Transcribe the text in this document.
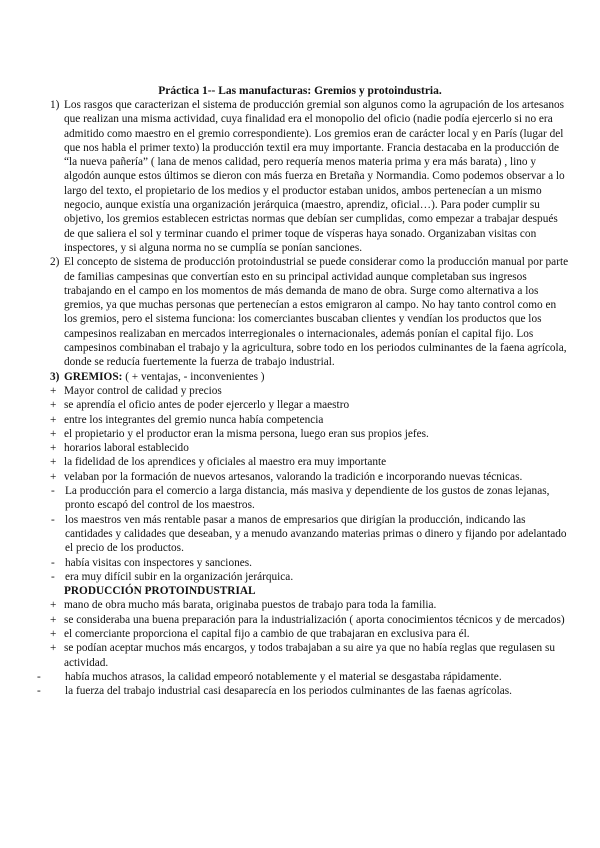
Práctica 1-- Las manufacturas: Gremios y protoindustria.
1) Los rasgos que caracterizan el sistema de producción gremial son algunos como la agrupación de los artesanos que realizan una misma actividad, cuya finalidad era el monopolio del oficio (nadie podía ejercerlo si no era admitido como maestro en el gremio correspondiente). Los gremios eran de carácter local y en París (lugar del que nos habla el primer texto) la producción textil era muy importante. Francia destacaba en la producción de “la nueva pañería” ( lana de menos calidad, pero requería menos materia prima y era más barata) , lino y algodón aunque estos últimos se dieron con más fuerza en Bretaña y Normandia. Como podemos observar a lo largo del texto, el propietario de los medios y el productor estaban unidos, ambos pertenecían a un mismo negocio, aunque existía una organización jerárquica (maestro, aprendiz, oficial…). Para poder cumplir su objetivo, los gremios establecen estrictas normas que debían ser cumplidas, como empezar a trabajar después de que saliera el sol y terminar cuando el primer toque de vísperas haya sonado. Organizaban visitas con inspectores, y si alguna norma no se cumplía se ponían sanciones.
2) El concepto de sistema de producción protoindustrial se puede considerar como la producción manual por parte de familias campesinas que convertían esto en su principal actividad aunque completaban sus ingresos trabajando en el campo en los momentos de más demanda de mano de obra. Surge como alternativa a los gremios, ya que muchas personas que pertenecían a estos emigraron al campo. No hay tanto control como en los gremios, pero el sistema funciona: los comerciantes buscaban clientes y vendían los productos que los campesinos realizaban en mercados interregionales o internacionales, además ponían el capital fijo. Los campesinos combinaban el trabajo y la agricultura, sobre todo en los periodos culminantes de la faena agrícola, donde se reducía fuertemente la fuerza de trabajo industrial.
3) GREMIOS: ( + ventajas, - inconvenientes )
+ Mayor control de calidad y precios
+ se aprendía el oficio antes de poder ejercerlo y llegar a maestro
+ entre los integrantes del gremio nunca había competencia
+ el propietario y el productor eran la misma persona, luego eran sus propios jefes.
+ horarios laboral establecido
+ la fidelidad de los aprendices y oficiales al maestro era muy importante
+ velaban por la formación de nuevos artesanos, valorando la tradición e incorporando nuevas técnicas.
- La producción para el comercio a larga distancia, más masiva y dependiente de los gustos de zonas lejanas, pronto escapó del control de los maestros.
- los maestros ven más rentable pasar a manos de empresarios que dirigían la producción, indicando las cantidades y calidades que deseaban, y a menudo avanzando materias primas o dinero y fijando por adelantado el precio de los productos.
- había visitas con inspectores y sanciones.
- era muy difícil subir en la organización jerárquica.
PRODUCCIÓN PROTOINDUSTRIAL
+ mano de obra mucho más barata, originaba puestos de trabajo para toda la familia.
+ se consideraba una buena preparación para la industrialización ( aporta conocimientos técnicos y de mercados)
+ el comerciante proporciona el capital fijo a cambio de que trabajaran en exclusiva para él.
+ se podían aceptar muchos más encargos, y todos trabajaban a su aire ya que no había reglas que regulasen su actividad.
-	había muchos atrasos, la calidad empeoró notablemente y el material se desgastaba rápidamente.
-	la fuerza del trabajo industrial casi desaparecía en los periodos culminantes de las faenas agrícolas.
